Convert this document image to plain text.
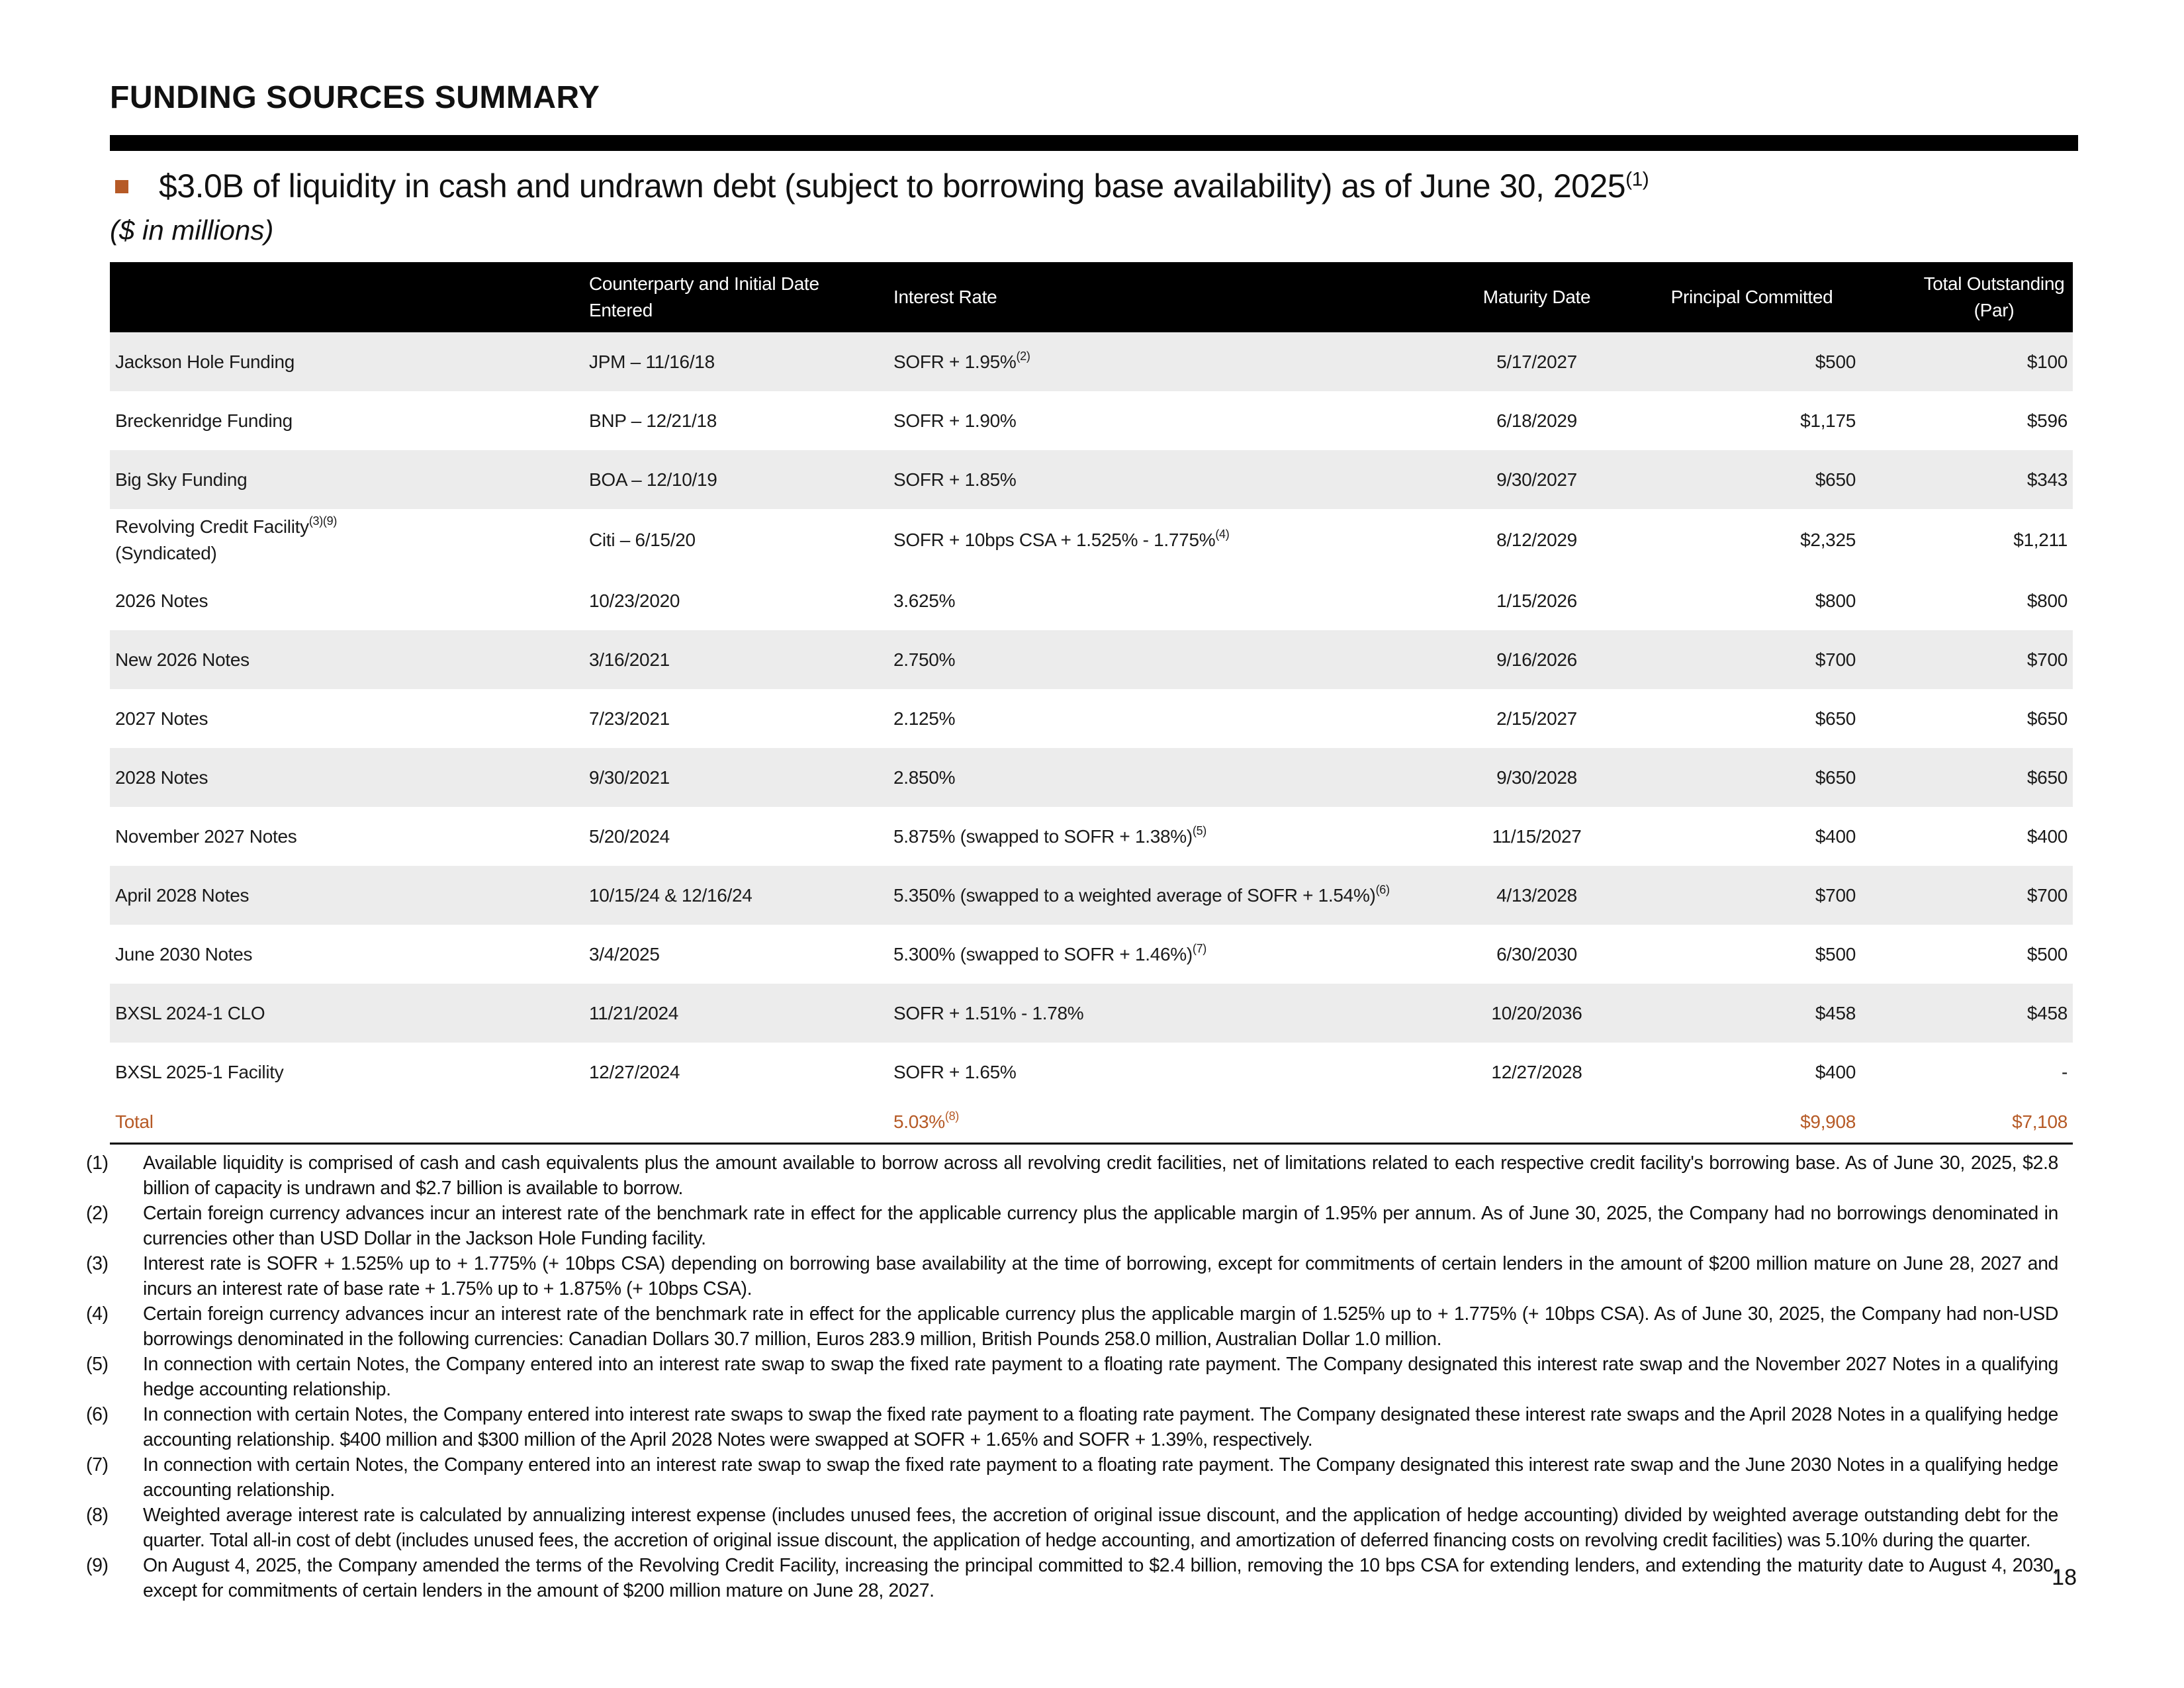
FUNDING SOURCES SUMMARY
$3.0B of liquidity in cash and undrawn debt (subject to borrowing base availability) as of June 30, 2025$^{(1)}$
($ in millions)
	Counterparty and Initial Date Entered	Interest Rate	Maturity Date	Principal Committed	Total Outstanding (Par)
Jackson Hole Funding	JPM – 11/16/18	SOFR + 1.95%$^{(2)}$	5/17/2027	$500	$100
Breckenridge Funding	BNP – 12/21/18	SOFR + 1.90%	6/18/2029	$1,175	$596
Big Sky Funding	BOA – 12/10/19	SOFR + 1.85%	9/30/2027	$650	$343
Revolving Credit Facility$^{(3)(9)}$
(Syndicated)	Citi – 6/15/20	SOFR + 10bps CSA + 1.525% - 1.775%$^{(4)}$	8/12/2029	$2,325	$1,211
2026 Notes	10/23/2020	3.625%	1/15/2026	$800	$800
New 2026 Notes	3/16/2021	2.750%	9/16/2026	$700	$700
2027 Notes	7/23/2021	2.125%	2/15/2027	$650	$650
2028 Notes	9/30/2021	2.850%	9/30/2028	$650	$650
November 2027 Notes	5/20/2024	5.875% (swapped to SOFR + 1.38%)$^{(5)}$	11/15/2027	$400	$400
April 2028 Notes	10/15/24 & 12/16/24	5.350% (swapped to a weighted average of SOFR + 1.54%)$^{(6)}$	4/13/2028	$700	$700
June 2030 Notes	3/4/2025	5.300% (swapped to SOFR + 1.46%)$^{(7)}$	6/30/2030	$500	$500
BXSL 2024-1 CLO	11/21/2024	SOFR + 1.51% - 1.78%	10/20/2036	$458	$458
BXSL 2025-1 Facility	12/27/2024	SOFR + 1.65%	12/27/2028	$400	-
Total		5.03%$^{(8)}$		$9,908	$7,108
(1)	Available liquidity is comprised of cash and cash equivalents plus the amount available to borrow across all revolving credit facilities, net of limitations related to each respective credit facility's borrowing base. As of June 30, 2025, $2.8 billion of capacity is undrawn and $2.7 billion is available to borrow.
(2)	Certain foreign currency advances incur an interest rate of the benchmark rate in effect for the applicable currency plus the applicable margin of 1.95% per annum. As of June 30, 2025, the Company had no borrowings denominated in currencies other than USD Dollar in the Jackson Hole Funding facility.
(3)	Interest rate is SOFR + 1.525% up to + 1.775% (+ 10bps CSA) depending on borrowing base availability at the time of borrowing, except for commitments of certain lenders in the amount of $200 million mature on June 28, 2027 and incurs an interest rate of base rate + 1.75% up to + 1.875% (+ 10bps CSA).
(4)	Certain foreign currency advances incur an interest rate of the benchmark rate in effect for the applicable currency plus the applicable margin of 1.525% up to + 1.775% (+ 10bps CSA). As of June 30, 2025, the Company had non-USD borrowings denominated in the following currencies: Canadian Dollars 30.7 million, Euros 283.9 million, British Pounds 258.0 million, Australian Dollar 1.0 million.
(5)	In connection with certain Notes, the Company entered into an interest rate swap to swap the fixed rate payment to a floating rate payment. The Company designated this interest rate swap and the November 2027 Notes in a qualifying hedge accounting relationship.
(6)	In connection with certain Notes, the Company entered into interest rate swaps to swap the fixed rate payment to a floating rate payment. The Company designated these interest rate swaps and the April 2028 Notes in a qualifying hedge accounting relationship. $400 million and $300 million of the April 2028 Notes were swapped at SOFR + 1.65% and SOFR + 1.39%, respectively.
(7)	In connection with certain Notes, the Company entered into an interest rate swap to swap the fixed rate payment to a floating rate payment. The Company designated this interest rate swap and the June 2030 Notes in a qualifying hedge accounting relationship.
(8)	Weighted average interest rate is calculated by annualizing interest expense (includes unused fees, the accretion of original issue discount, and the application of hedge accounting) divided by weighted average outstanding debt for the quarter. Total all-in cost of debt (includes unused fees, the accretion of original issue discount, the application of hedge accounting, and amortization of deferred financing costs on revolving credit facilities) was 5.10% during the quarter.
(9)	On August 4, 2025, the Company amended the terms of the Revolving Credit Facility, increasing the principal committed to $2.4 billion, removing the 10 bps CSA for extending lenders, and extending the maturity date to August 4, 2030, except for commitments of certain lenders in the amount of $200 million mature on June 28, 2027.
18
